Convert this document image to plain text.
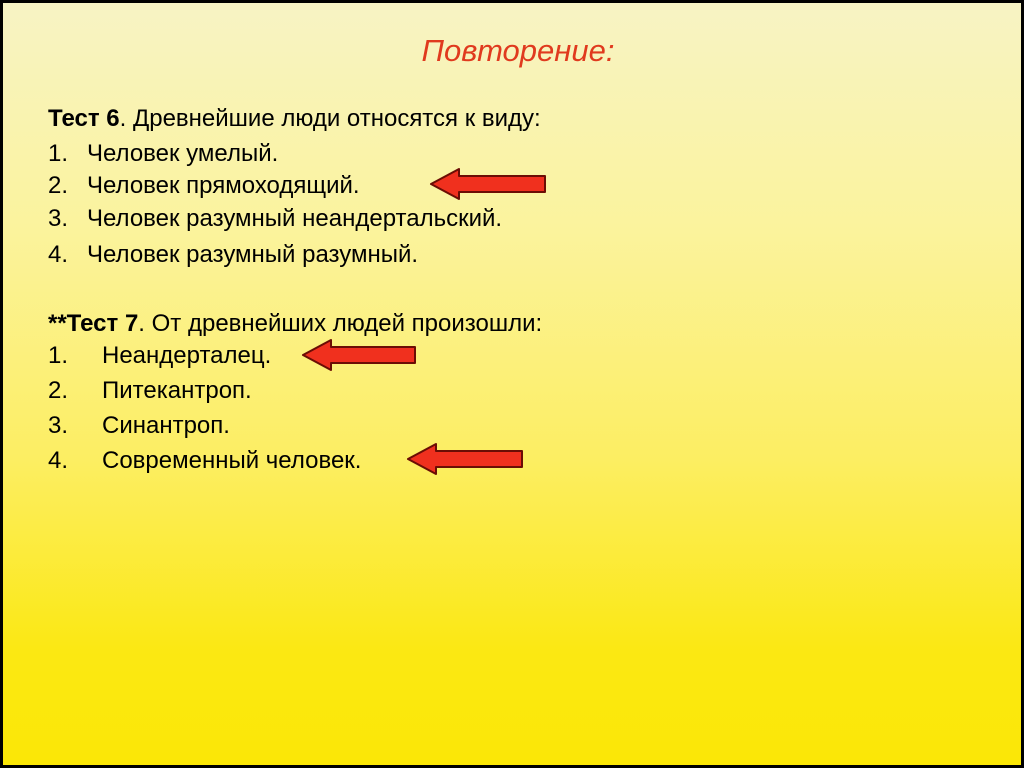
Повторение:
Тест 6. Древнейшие люди относятся к виду:
1. Человек умелый.
2. Человек прямоходящий.
3. Человек разумный неандертальский.
4. Человек разумный разумный.
**Тест 7. От древнейших людей произошли:
1. Неандерталец.
2. Питекантроп.
3. Синантроп.
4. Современный человек.
